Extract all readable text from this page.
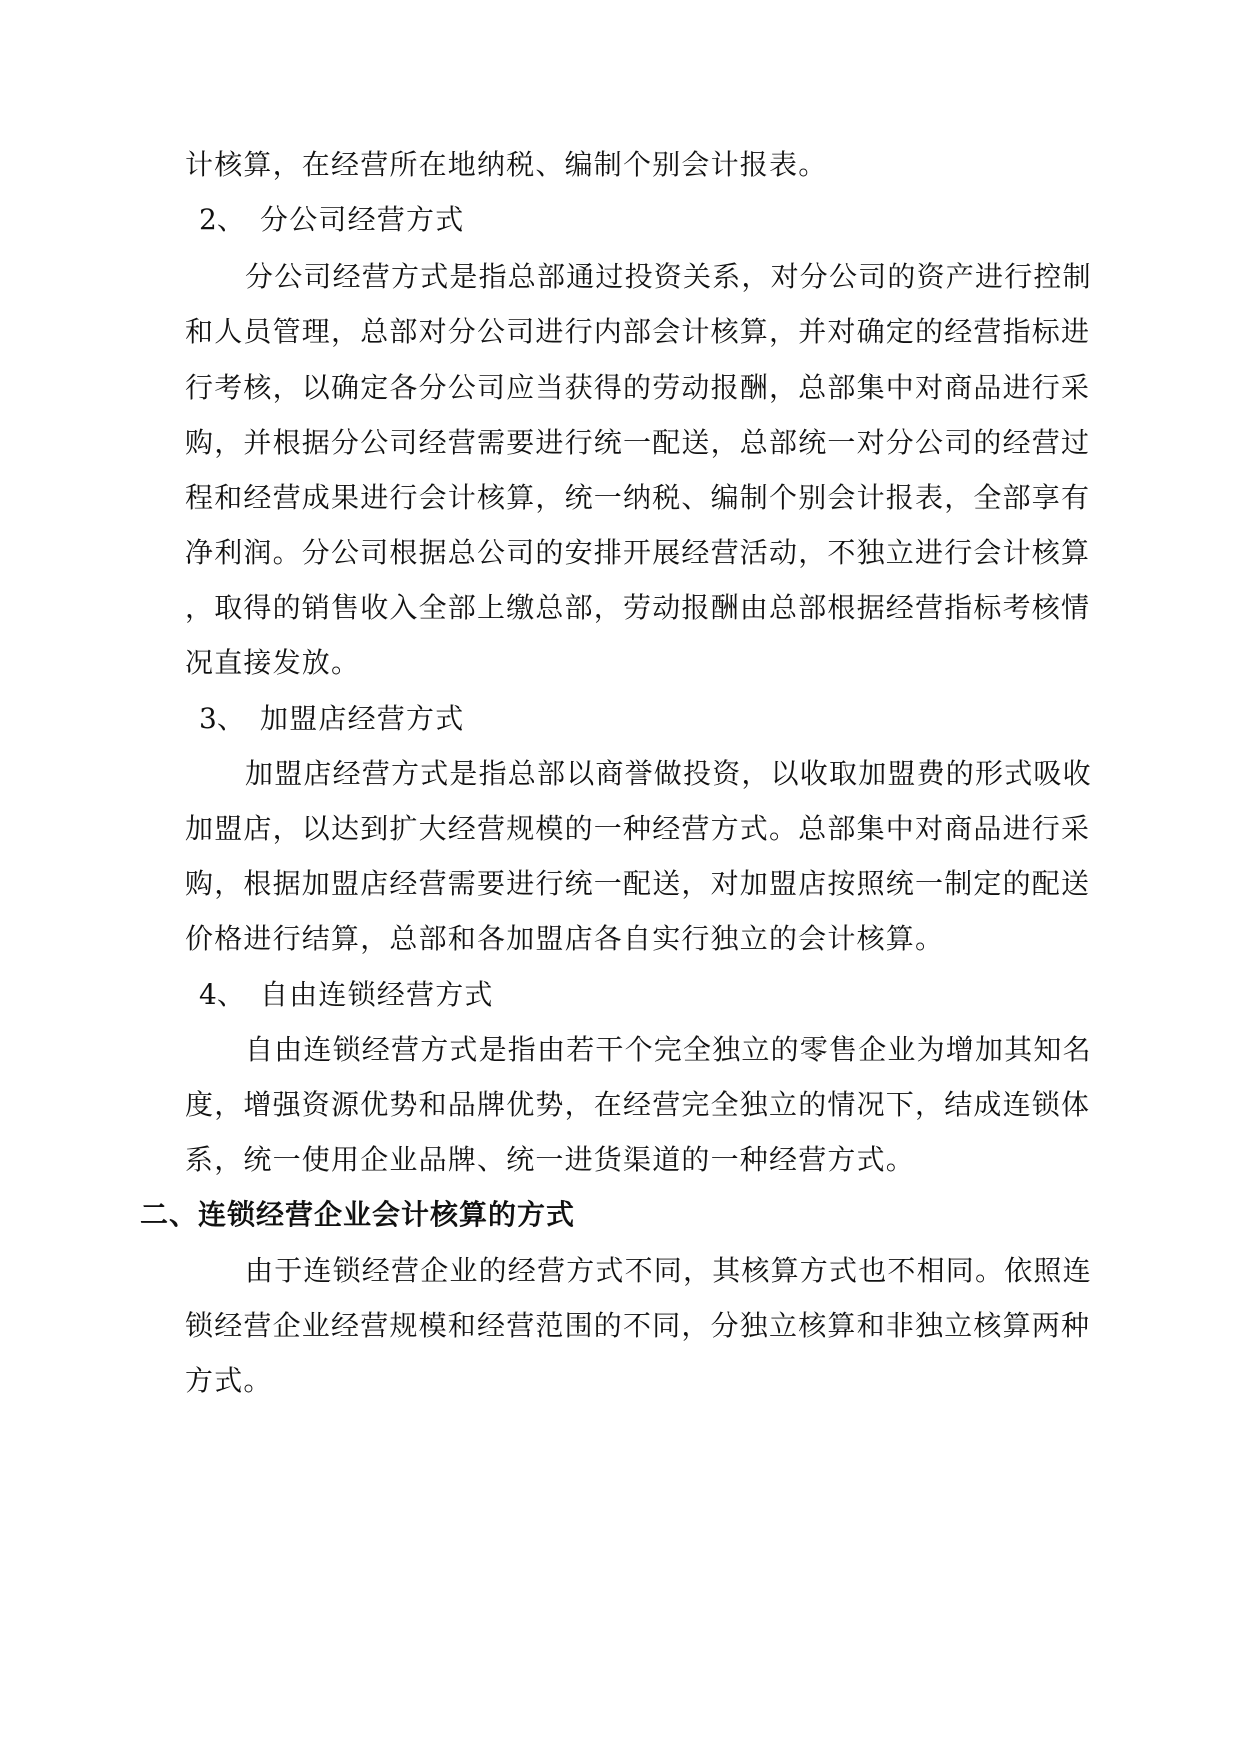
计核算，在经营所在地纳税、编制个别会计报表。
2、 分公司经营方式
分公司经营方式是指总部通过投资关系，对分公司的资产进行控制
和人员管理，总部对分公司进行内部会计核算，并对确定的经营指标进
行考核，以确定各分公司应当获得的劳动报酬，总部集中对商品进行采
购，并根据分公司经营需要进行统一配送，总部统一对分公司的经营过
程和经营成果进行会计核算，统一纳税、编制个别会计报表，全部享有
净利润。分公司根据总公司的安排开展经营活动，不独立进行会计核算
，取得的销售收入全部上缴总部，劳动报酬由总部根据经营指标考核情
况直接发放。
3、 加盟店经营方式
加盟店经营方式是指总部以商誉做投资，以收取加盟费的形式吸收
加盟店，以达到扩大经营规模的一种经营方式。总部集中对商品进行采
购，根据加盟店经营需要进行统一配送，对加盟店按照统一制定的配送
价格进行结算，总部和各加盟店各自实行独立的会计核算。
4、 自由连锁经营方式
自由连锁经营方式是指由若干个完全独立的零售企业为增加其知名
度，增强资源优势和品牌优势，在经营完全独立的情况下，结成连锁体
系，统一使用企业品牌、统一进货渠道的一种经营方式。
二、连锁经营企业会计核算的方式
由于连锁经营企业的经营方式不同，其核算方式也不相同。依照连
锁经营企业经营规模和经营范围的不同，分独立核算和非独立核算两种
方式。
